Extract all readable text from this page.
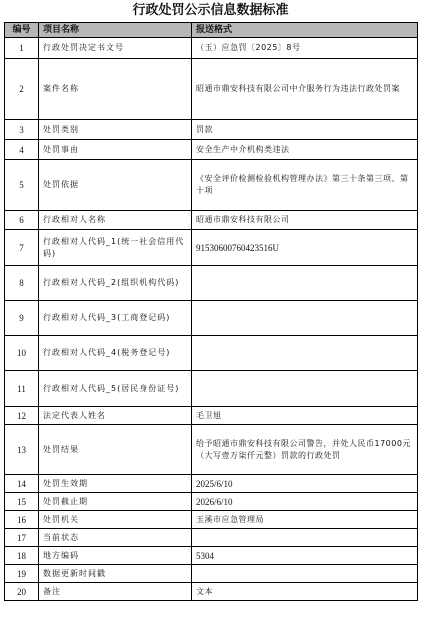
行政处罚公示信息数据标准
编号	项目名称	报送格式
1	行政处罚决定书文号	（玉）应急罚〔2025〕8号
2	案件名称	昭通市鼎安科技有限公司中介服务行为违法行政处罚案
3	处罚类别	罚款
4	处罚事由	安全生产中介机构类违法
5	处罚依据	《安全评价检测检验机构管理办法》第三十条第三项、第十项
6	行政相对人名称	昭通市鼎安科技有限公司
7	行政相对人代码_1(统一社会信用代码)	91530600760423516U
8	行政相对人代码_2(组织机构代码)	
9	行政相对人代码_3(工商登记码)	
10	行政相对人代码_4(税务登记号)	
11	行政相对人代码_5(居民身份证号)	
12	法定代表人姓名	毛卫旭
13	处罚结果	给予昭通市鼎安科技有限公司警告，并处人民币17000元（大写壹万柒仟元整）罚款的行政处罚
14	处罚生效期	2025/6/10
15	处罚截止期	2026/6/10
16	处罚机关	玉溪市应急管理局
17	当前状态	
18	地方编码	5304
19	数据更新时间戳	
20	备注	文本
